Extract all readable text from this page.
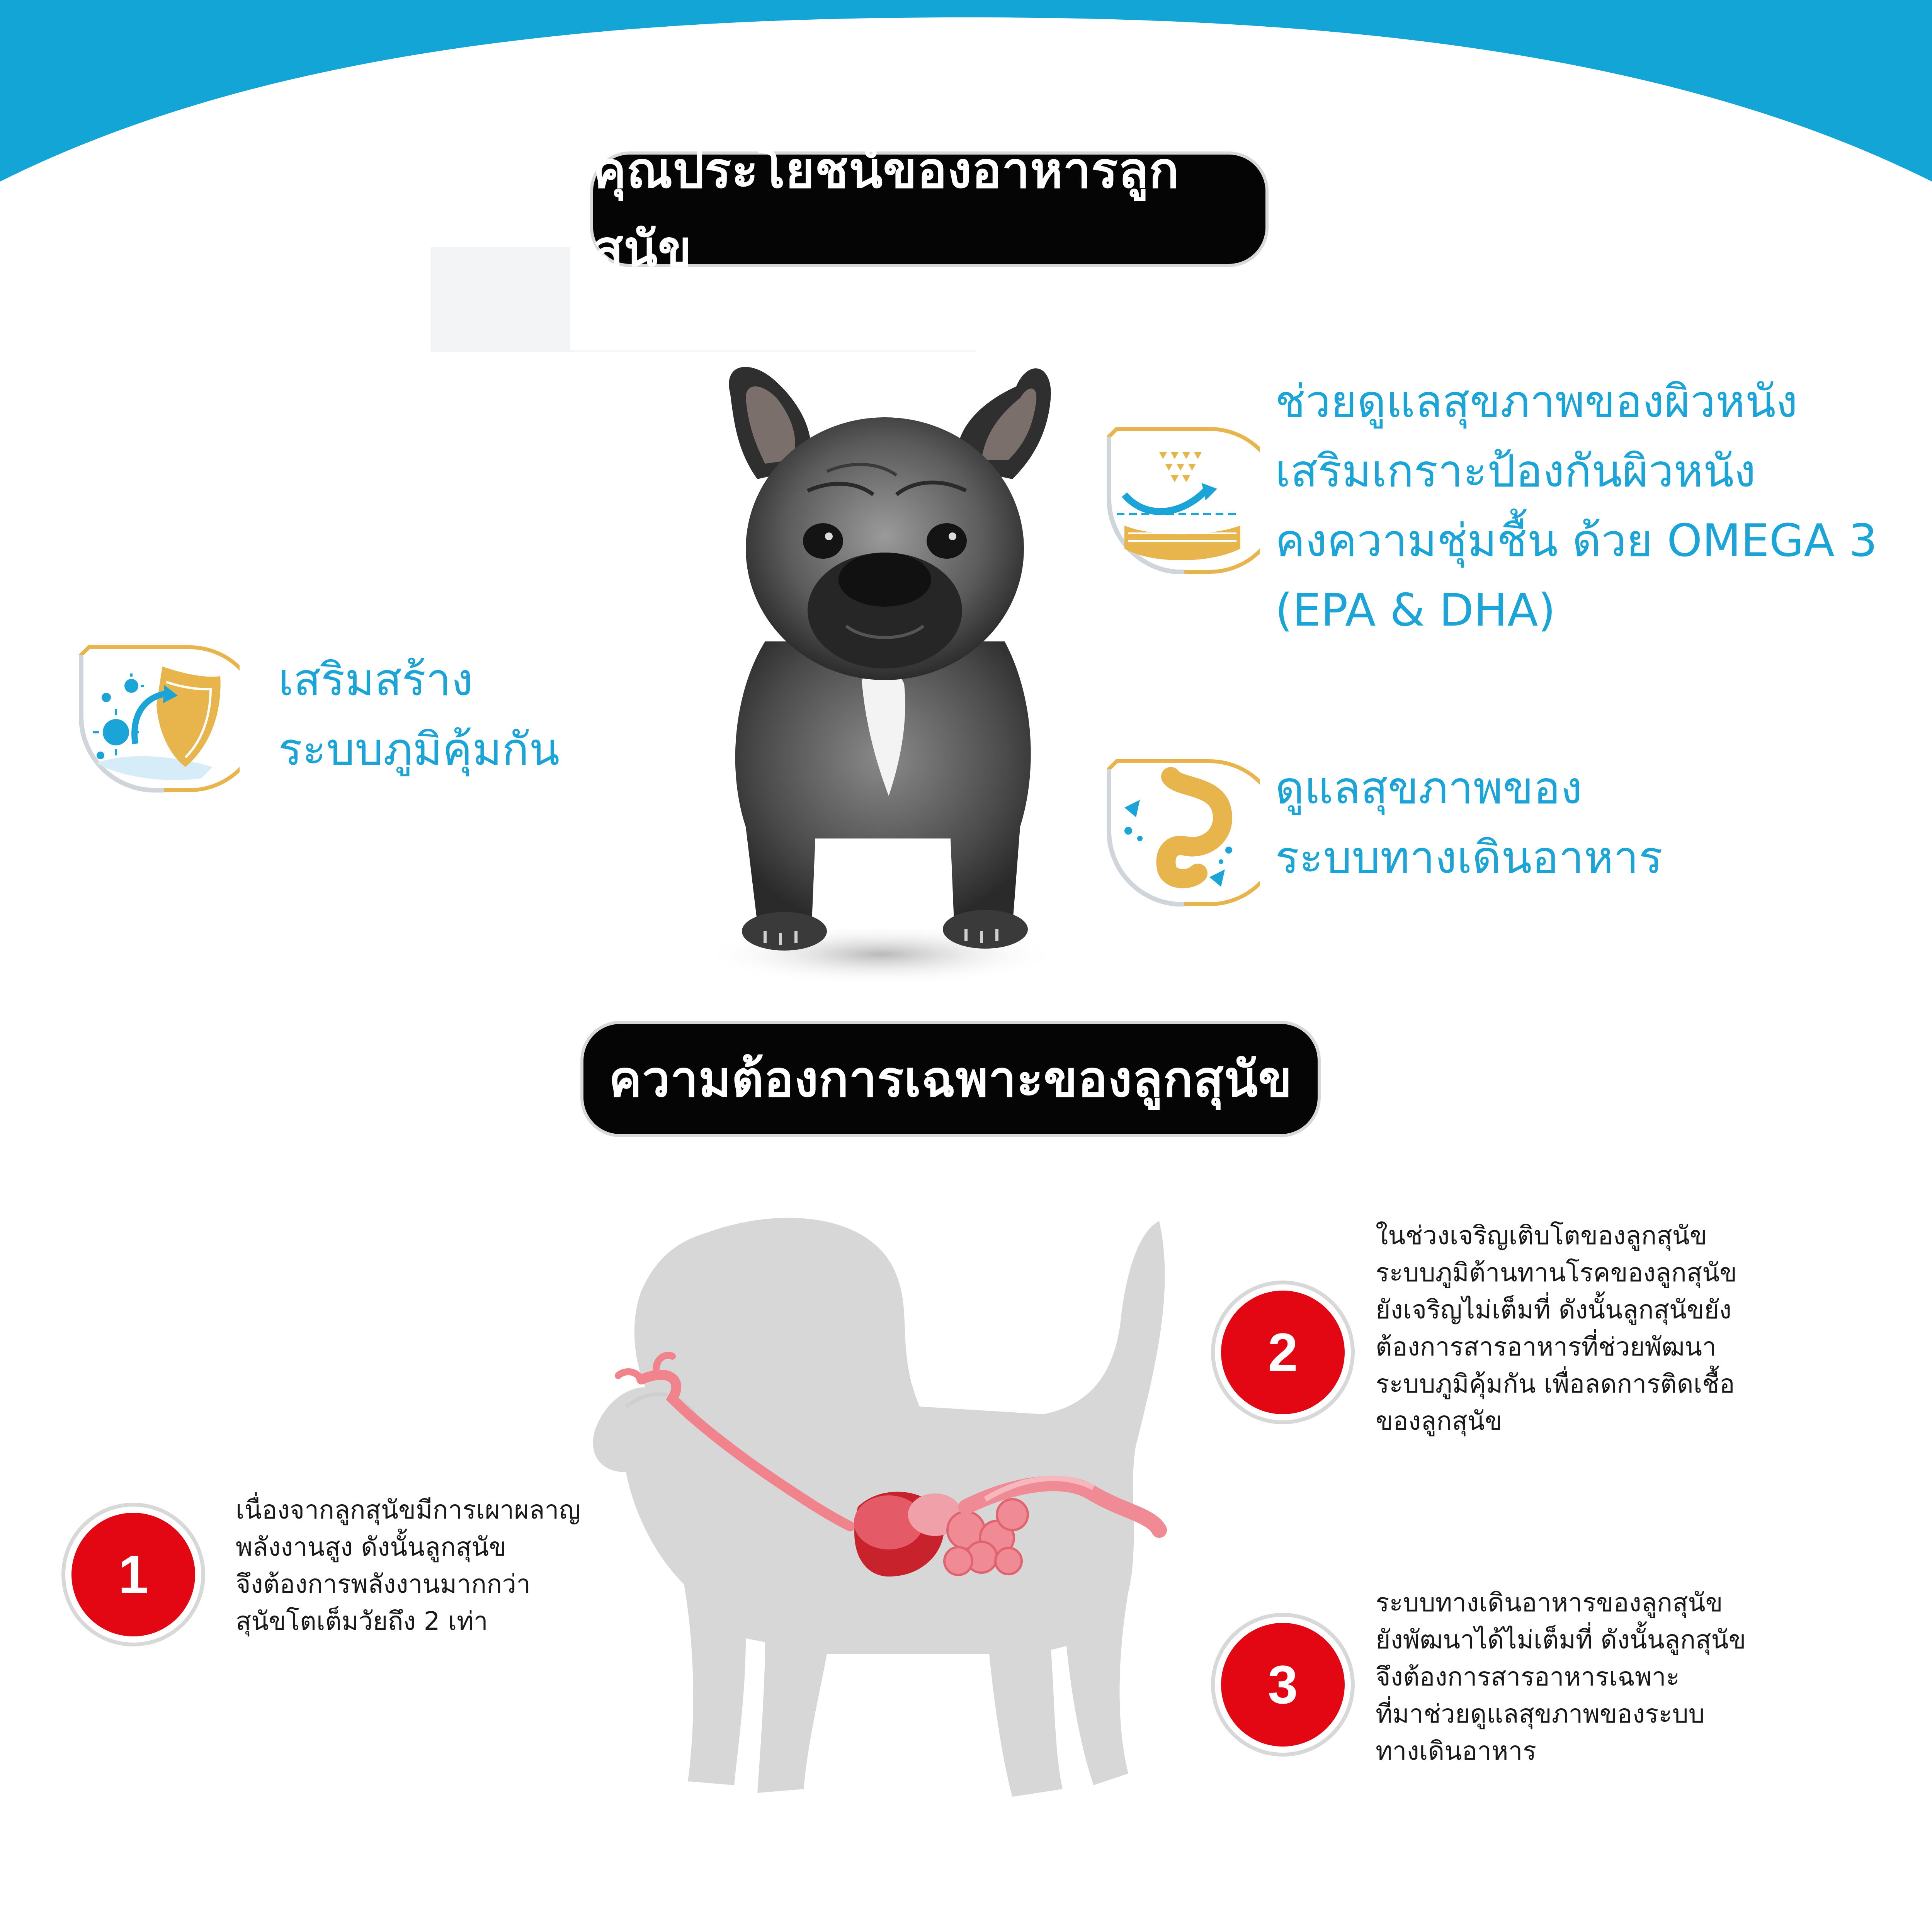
คุณประโยชน์ของอาหารลูกสุนัข
ช่วยดูแลสุขภาพของผิวหนัง
เสริมเกราะป้องกันผิวหนัง
คงความชุ่มชื้น ด้วย OMEGA 3
(EPA & DHA)
เสริมสร้าง
ระบบภูมิคุ้มกัน
ดูแลสุขภาพของ
ระบบทางเดินอาหาร
ความต้องการเฉพาะของลูกสุนัข
1
เนื่องจากลูกสุนัขมีการเผาผลาญ
พลังงานสูง ดังนั้นลูกสุนัข
จึงต้องการพลังงานมากกว่า
สุนัขโตเต็มวัยถึง 2 เท่า
2
ในช่วงเจริญเติบโตของลูกสุนัข
ระบบภูมิต้านทานโรคของลูกสุนัข
ยังเจริญไม่เต็มที่ ดังนั้นลูกสุนัขยัง
ต้องการสารอาหารที่ช่วยพัฒนา
ระบบภูมิคุ้มกัน เพื่อลดการติดเชื้อ
ของลูกสุนัข
3
ระบบทางเดินอาหารของลูกสุนัข
ยังพัฒนาได้ไม่เต็มที่ ดังนั้นลูกสุนัข
จึงต้องการสารอาหารเฉพาะ
ที่มาช่วยดูแลสุขภาพของระบบ
ทางเดินอาหาร
